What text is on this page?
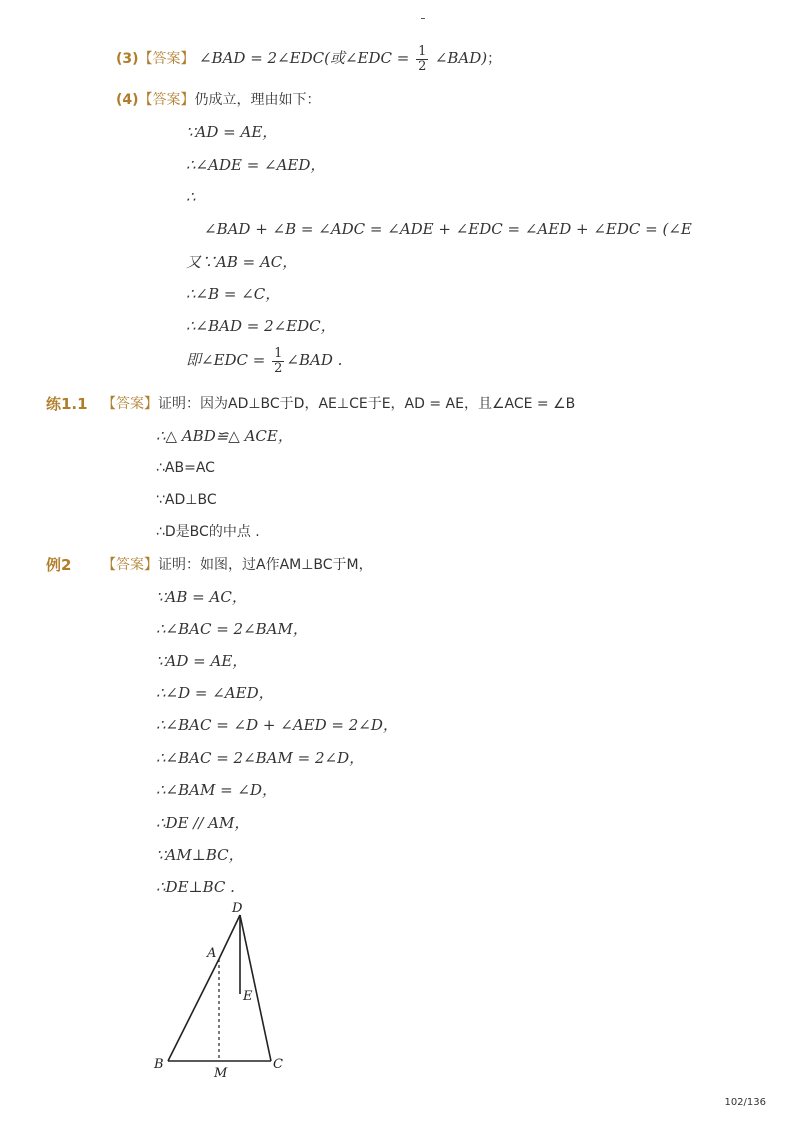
(3)【答案】 ∠BAD = 2∠EDC(或∠EDC = $\frac{1}{2}$ ∠BAD)；
(4)【答案】仍成立，理由如下：
∵AD = AE，
∴∠ADE = ∠AED，
∴
∠BAD + ∠B = ∠ADC = ∠ADE + ∠EDC = ∠AED + ∠EDC = (∠E
又∵AB = AC，
∴∠B = ∠C，
∴∠BAD = 2∠EDC，
即∠EDC = $\frac{1}{2}$ ∠BAD .
练1.1 【答案】证明：因为AD⊥BC于D，AE⊥CE于E，AD = AE，且∠ACE = ∠B
∴△ ABD≌△ ACE，
∴AB=AC
∵AD⊥BC
∴D是BC的中点 .
例2 【答案】证明：如图，过A作AM⊥BC于M，
∵AB = AC，
∴∠BAC = 2∠BAM，
∵AD = AE，
∴∠D = ∠AED，
∴∠BAC = ∠D + ∠AED = 2∠D，
∴∠BAC = 2∠BAM = 2∠D，
∴∠BAM = ∠D，
∴DE // AM，
∵AM⊥BC，
∴DE⊥BC .
D
A
E
B
M
C
102/136
